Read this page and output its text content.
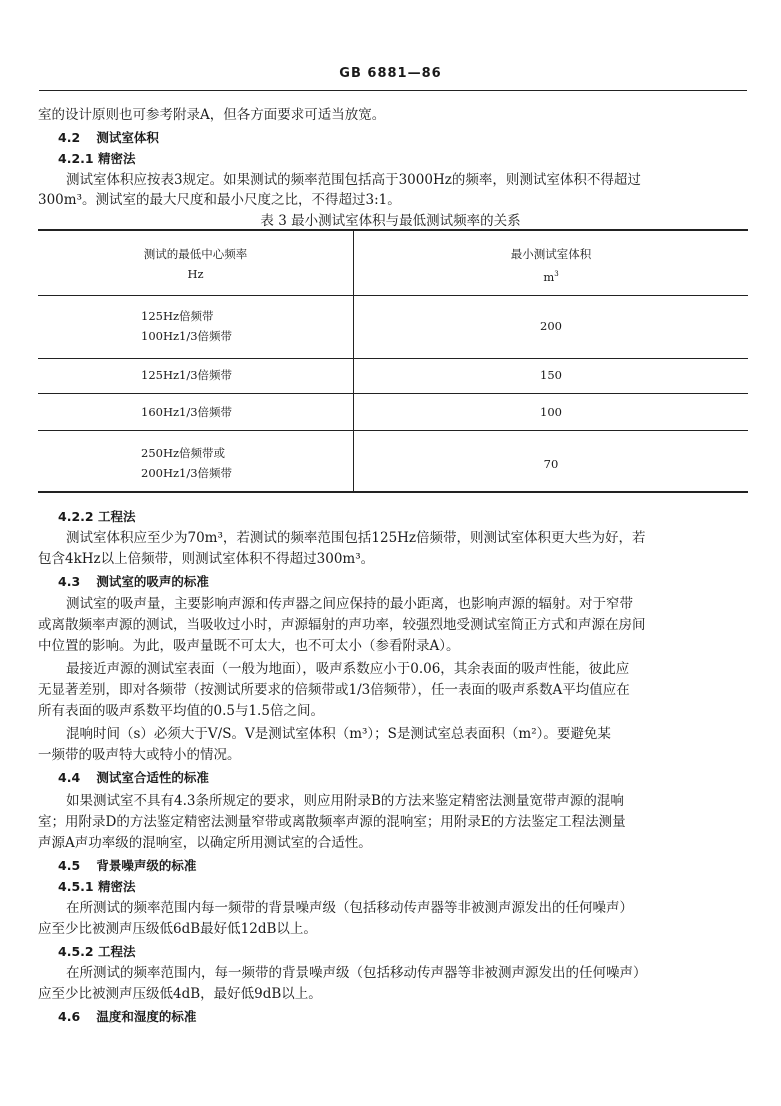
GB 6881—86
室的设计原则也可参考附录A，但各方面要求可适当放宽。
4.2 测试室体积
4.2.1 精密法
测试室体积应按表3规定。如果测试的频率范围包括高于3000Hz的频率，则测试室体积不得超过
300m³。测试室的最大尺度和最小尺度之比，不得超过3:1。
表 3 最小测试室体积与最低测试频率的关系
测试的最低中心频率
Hz
最小测试室体积
$m^3$
125Hz倍频带
100Hz1/3倍频带
200
125Hz1/3倍频带	150
160Hz1/3倍频带	100
250Hz倍频带或
200Hz1/3倍频带
70
4.2.2 工程法
测试室体积应至少为70m³，若测试的频率范围包括125Hz倍频带，则测试室体积更大些为好，若
包含4kHz以上倍频带，则测试室体积不得超过300m³。
4.3 测试室的吸声的标准
测试室的吸声量，主要影响声源和传声器之间应保持的最小距离，也影响声源的辐射。对于窄带
或离散频率声源的测试，当吸收过小时，声源辐射的声功率，较强烈地受测试室简正方式和声源在房间
中位置的影响。为此，吸声量既不可太大，也不可太小（参看附录A）。
最接近声源的测试室表面（一般为地面），吸声系数应小于0.06，其余表面的吸声性能，彼此应
无显著差别，即对各频带（按测试所要求的倍频带或1/3倍频带），任一表面的吸声系数A平均值应在
所有表面的吸声系数平均值的0.5与1.5倍之间。
混响时间（s）必须大于V/S。V是测试室体积（m³）；S是测试室总表面积（m²）。要避免某
一频带的吸声特大或特小的情况。
4.4 测试室合适性的标准
如果测试室不具有4.3条所规定的要求，则应用附录B的方法来鉴定精密法测量宽带声源的混响
室；用附录D的方法鉴定精密法测量窄带或离散频率声源的混响室；用附录E的方法鉴定工程法测量
声源A声功率级的混响室，以确定所用测试室的合适性。
4.5 背景噪声级的标准
4.5.1 精密法
在所测试的频率范围内每一频带的背景噪声级（包括移动传声器等非被测声源发出的任何噪声）
应至少比被测声压级低6dB最好低12dB以上。
4.5.2 工程法
在所测试的频率范围内，每一频带的背景噪声级（包括移动传声器等非被测声源发出的任何噪声）
应至少比被测声压级低4dB，最好低9dB以上。
4.6 温度和湿度的标准
